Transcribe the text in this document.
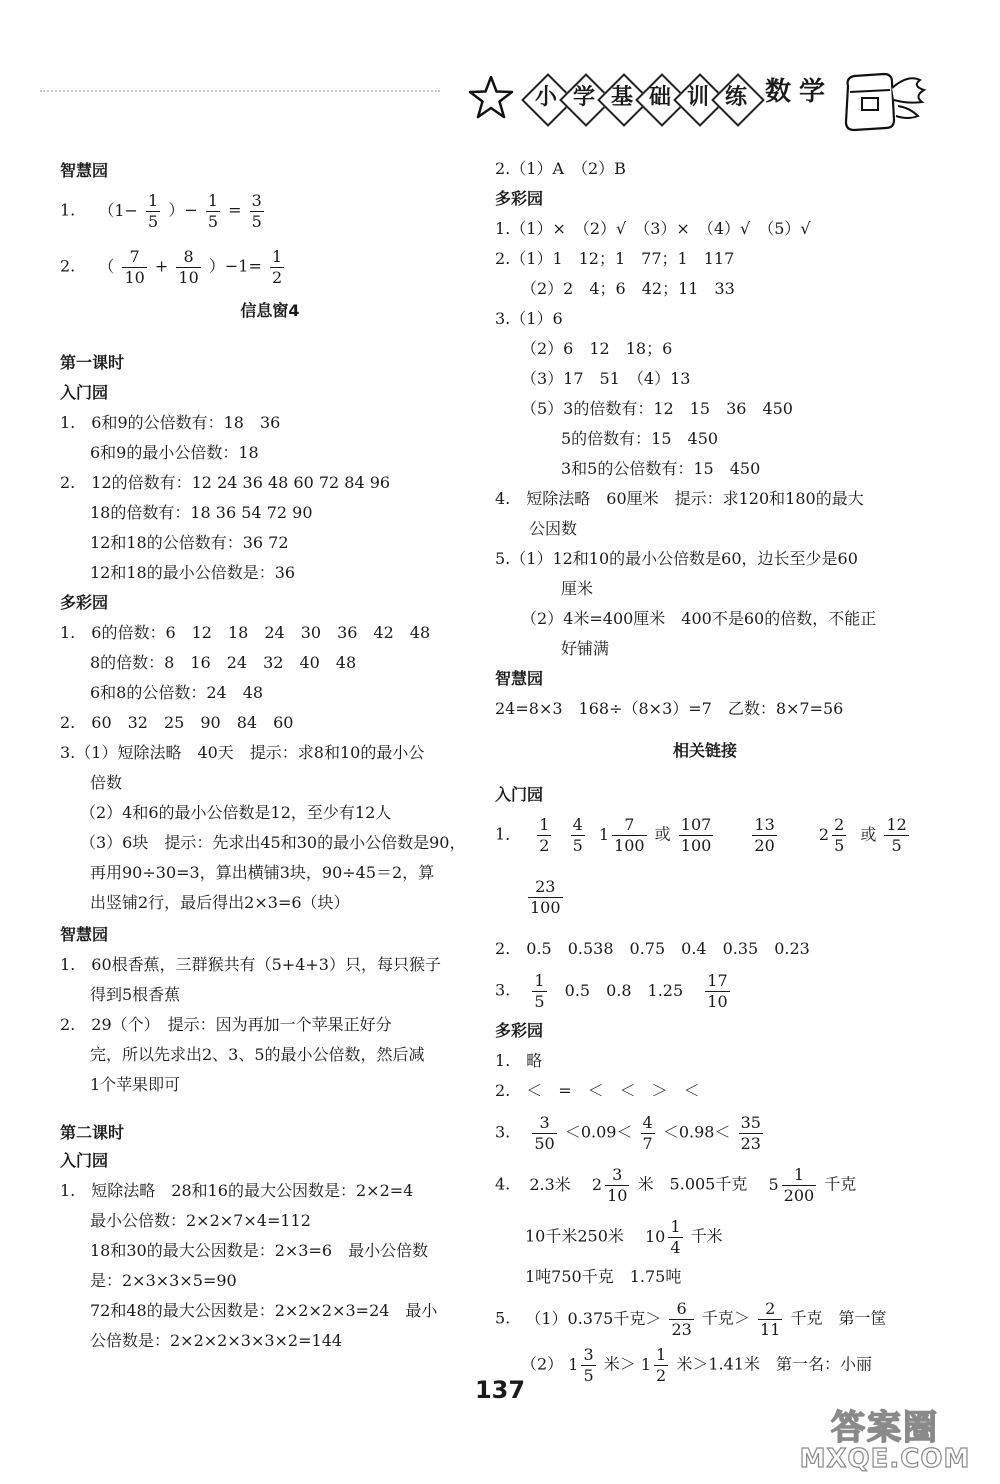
小 学 基 础 训 练 数 学
智慧园
1. （$1- \frac{1}{5}$ ）− $\frac{1}{5} = \frac{3}{5}$
2. （ $\frac{7}{10} + \frac{8}{10} )-1= \frac{1}{2}$
信息窗4
第一课时
入门园
1.　6和9的公倍数有：18　36
6和9的最小公倍数：18
2.　12的倍数有：12 24 36 48 60 72 84 96
18的倍数有：18 36 54 72 90
12和18的公倍数有：36 72
12和18的最小公倍数是：36
多彩园
1.　6的倍数：6　12　18　24　30　36　42　48
8的倍数：8　16　24　32　40　48
6和8的公倍数：24　48
2.　60　32　25　90　84　60
3.（1）短除法略　40天　提示：求8和10的最小公
倍数
（2）4和6的最小公倍数是12，至少有12人
（3）6块　提示：先求出45和30的最小公倍数是90，
再用90÷30=3，算出横铺3块，90÷45＝2，算
出竖铺2行，最后得出2×3=6（块）
智慧园
1.　60根香蕉，三群猴共有（5+4+3）只，每只猴子
得到5根香蕉
2.　29（个）　提示：因为再加一个苹果正好分
完，所以先求出2、3、5的最小公倍数，然后减
1个苹果即可
第二课时
入门园
1.　短除法略　28和16的最大公因数是：2×2=4
最小公倍数：2×2×7×4=112
18和30的最大公因数是：2×3=6　最小公倍数
是：2×3×3×5=90
72和48的最大公因数是：2×2×2×3=24　最小
公倍数是：2×2×2×3×3×2=144
2.（1）A　（2）B
多彩园
1.（1）×　（2）√　（3）×　（4）√　（5）√
2.（1）1　12；1　77；1　117
（2）2　4；6　42；11　33
3.（1）6
（2）6　12　18；6
（3）17　51　（4）13
（5）3的倍数有：12　15　36　450
5的倍数有：15　450
3和5的公倍数有：15　450
4.　短除法略　60厘米　提示：求120和180的最大
公因数
5.（1）12和10的最小公倍数是60，边长至少是60
厘米
（2）4米=400厘米　400不是60的倍数，不能正
好铺满
智慧园
24=8×3　168÷（8×3）=7　乙数：8×7=56
相关链接
入门园
1． $\frac{1}{2}$
$\frac{4}{5} 1 \frac{7}{100}$ 或 $\frac{107}{100}$
$\frac{13}{20}$	$2 \frac{2}{5}$ 或 $\frac{12}{5}$
$\frac{23}{100}$
2.　0.5　0.538　0.75　0.4　0.35　0.23
3. $\frac{1}{5} 0.5$　0.8　$1.25 \frac{17}{10}$
多彩园
1.　略
2.　＜　=　＜　＜　＞　＜
3. $\frac{3}{50} <0.09< \frac{4}{7} <0.98< \frac{35}{23}$
4. 2.3米　 $2 \frac{3}{10}$ 米　5.005千克　 $5 \frac{1}{200}$ 千克
10千米250米　 $10 \frac{1}{4}$ 千米
1吨750千克　1.75吨
5. （1）0.375千克＞ $\frac{6}{23}$ 千克＞ $\frac{2}{11}$ 千克　第一筐
（2） $1 \frac{3}{5}$ 米＞ $1 \frac{1}{2}$ 米＞1.41米　第一名：小丽
137
答案圈
MXQE.COM
